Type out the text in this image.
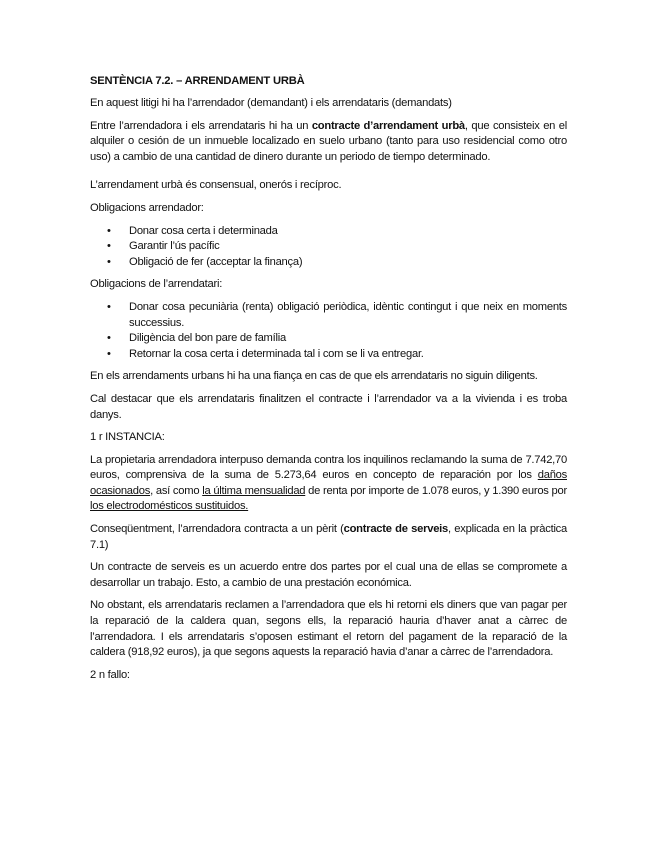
SENTÈNCIA 7.2. – ARRENDAMENT URBÀ

En aquest litigi hi ha l’arrendador (demandant) i els arrendataris (demandats)

Entre l’arrendadora i els arrendataris hi ha un contracte d’arrendament urbà, que consisteix en el alquiler o cesión de un inmueble localizado en suelo urbano (tanto para uso residencial como otro uso) a cambio de una cantidad de dinero durante un periodo de tiempo determinado.

L’arrendament urbà és consensual, onerós i recíproc.

Obligacions arrendador:

• Donar cosa certa i determinada
• Garantir l’ús pacífic
• Obligació de fer (acceptar la finança)

Obligacions de l’arrendatari:

• Donar cosa pecuniària (renta) obligació periòdica, idèntic contingut i que neix en moments successius.
• Diligència del bon pare de família
• Retornar la cosa certa i determinada tal i com se li va entregar.

En els arrendaments urbans hi ha una fiança en cas de que els arrendataris no siguin diligents.

Cal destacar que els arrendataris finalitzen el contracte i l’arrendador va a la vivienda i es troba danys.

1 r INSTANCIA:

La propietaria arrendadora interpuso demanda contra los inquilinos reclamando la suma de 7.742,70 euros, comprensiva de la suma de 5.273,64 euros en concepto de reparación por los daños ocasionados, así como la última mensualidad de renta por importe de 1.078 euros, y 1.390 euros por los electrodomésticos sustituidos.

Conseqüentment, l’arrendadora contracta a un pèrit (contracte de serveis, explicada en la pràctica 7.1)

Un contracte de serveis es un acuerdo entre dos partes por el cual una de ellas se compromete a desarrollar un trabajo. Esto, a cambio de una prestación económica.

No obstant, els arrendataris reclamen a l’arrendadora que els hi retorni els diners que van pagar per la reparació de la caldera quan, segons ells, la reparació hauria d’haver anat a càrrec de l’arrendadora. I els arrendataris s’oposen estimant el retorn del pagament de la reparació de la caldera (918,92 euros), ja que segons aquests la reparació havia d’anar a càrrec de l’arrendadora.

2 n fallo:
